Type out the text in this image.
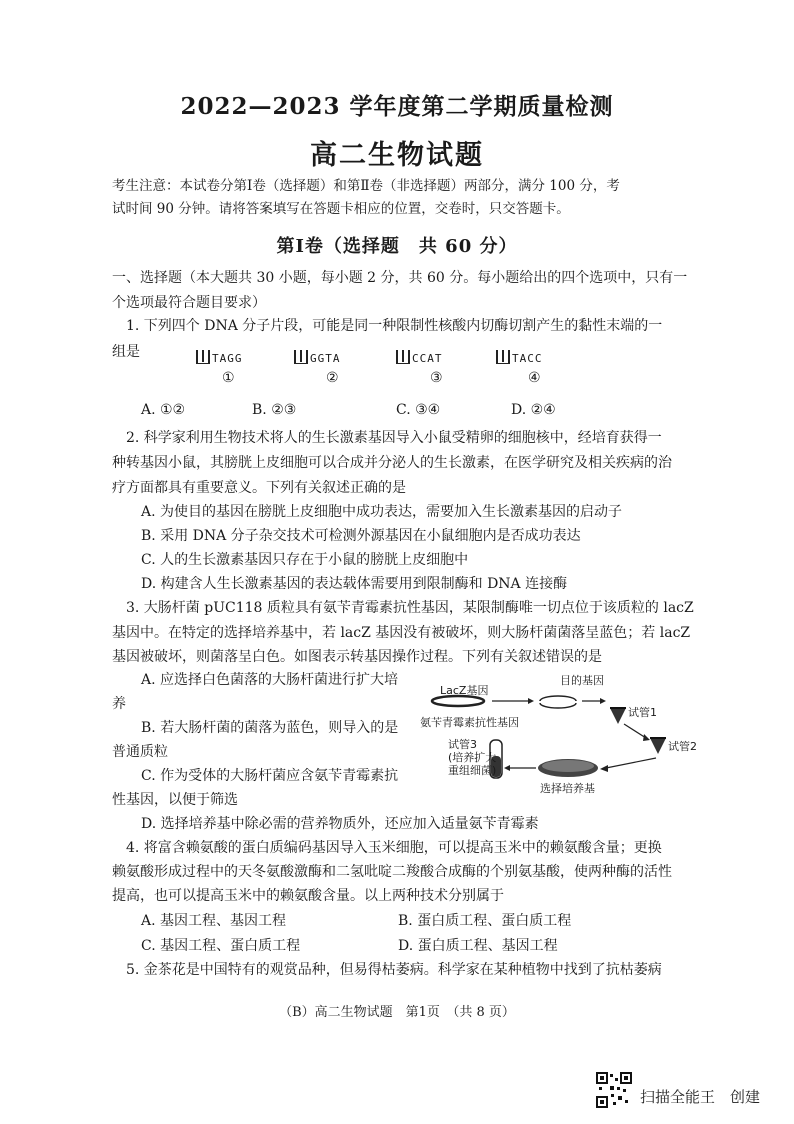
2022—2023 学年度第二学期质量检测
高二生物试题
考生注意：本试卷分第Ⅰ卷（选择题）和第Ⅱ卷（非选择题）两部分，满分 100 分，考
试时间 90 分钟。请将答案填写在答题卡相应的位置，交卷时，只交答题卡。
第Ⅰ卷（选择题　共 60 分）
一、选择题（本大题共 30 小题，每小题 2 分，共 60 分。每小题给出的四个选项中，只有一
个选项最符合题目要求）
1. 下列四个 DNA 分子片段，可能是同一种限制性核酸内切酶切割产生的黏性末端的一
组是	TAGG	GGTA	CCAT	TACC
①	②	③	④
A. ①②	B. ②③	C. ③④	D. ②④
2. 科学家利用生物技术将人的生长激素基因导入小鼠受精卵的细胞核中，经培育获得一
种转基因小鼠，其膀胱上皮细胞可以合成并分泌人的生长激素，在医学研究及相关疾病的治
疗方面都具有重要意义。下列有关叙述正确的是
A. 为使目的基因在膀胱上皮细胞中成功表达，需要加入生长激素基因的启动子
B. 采用 DNA 分子杂交技术可检测外源基因在小鼠细胞内是否成功表达
C. 人的生长激素基因只存在于小鼠的膀胱上皮细胞中
D. 构建含人生长激素基因的表达载体需要用到限制酶和 DNA 连接酶
3. 大肠杆菌 pUC118 质粒具有氨苄青霉素抗性基因，某限制酶唯一切点位于该质粒的 lacZ
基因中。在特定的选择培养基中，若 lacZ 基因没有被破坏，则大肠杆菌菌落呈蓝色；若 lacZ
基因被破坏，则菌落呈白色。如图表示转基因操作过程。下列有关叙述错误的是
A. 应选择白色菌落的大肠杆菌进行扩大培
养
B. 若大肠杆菌的菌落为蓝色，则导入的是
普通质粒
C. 作为受体的大肠杆菌应含氨苄青霉素抗
性基因，以便于筛选
D. 选择培养基中除必需的营养物质外，还应加入适量氨苄青霉素
LacZ基因
目的基因
氨苄青霉素抗性基因
试管1
试管2
试管3
(培养扩大
重组细菌)
选择培养基
4. 将富含赖氨酸的蛋白质编码基因导入玉米细胞，可以提高玉米中的赖氨酸含量；更换
赖氨酸形成过程中的天冬氨酸激酶和二氢吡啶二羧酸合成酶的个别氨基酸，使两种酶的活性
提高，也可以提高玉米中的赖氨酸含量。以上两种技术分别属于
A. 基因工程、基因工程	B. 蛋白质工程、蛋白质工程
C. 基因工程、蛋白质工程	D. 蛋白质工程、基因工程
5. 金茶花是中国特有的观赏品种，但易得枯萎病。科学家在某种植物中找到了抗枯萎病
（B）高二生物试题　第1页　（共 8 页）
扫描全能王　创建
